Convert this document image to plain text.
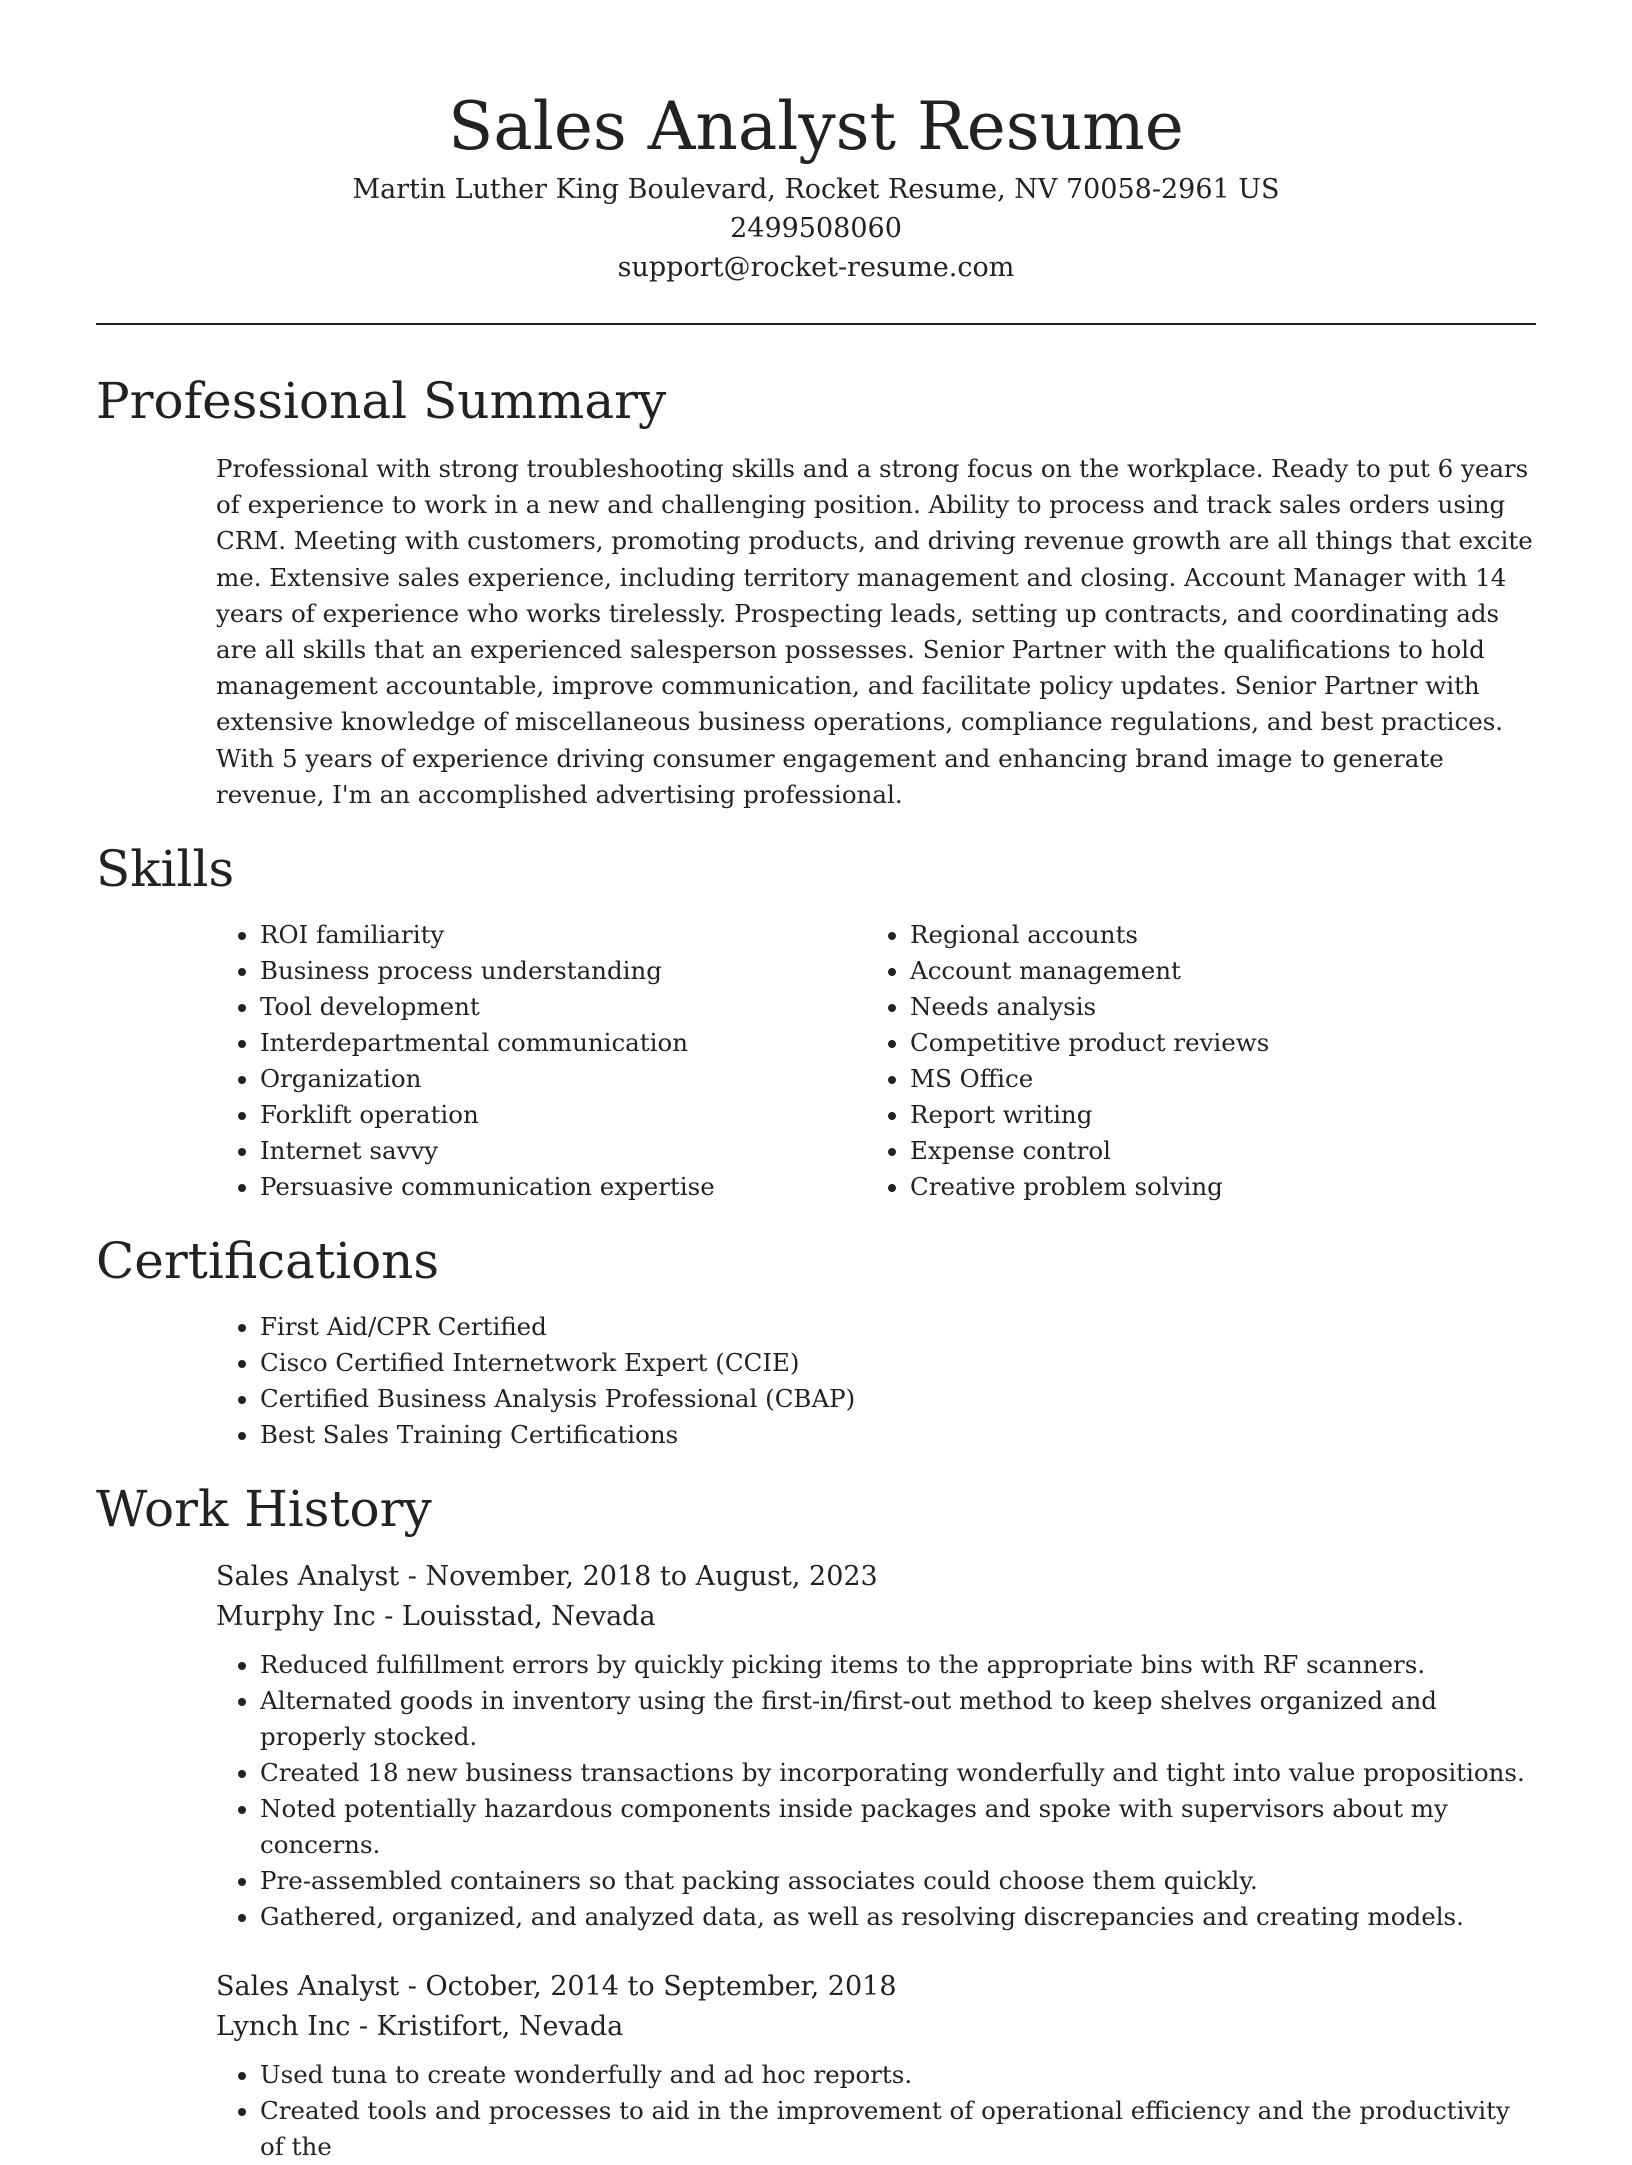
Sales Analyst Resume
Martin Luther King Boulevard, Rocket Resume, NV 70058-2961 US
2499508060
support@rocket-resume.com
Professional Summary

Professional with strong troubleshooting skills and a strong focus on the workplace. Ready to put 6 years of experience to work in a new and challenging position. Ability to process and track sales orders using CRM. Meeting with customers, promoting products, and driving revenue growth are all things that excite me. Extensive sales experience, including territory management and closing. Account Manager with 14 years of experience who works tirelessly. Prospecting leads, setting up contracts, and coordinating ads are all skills that an experienced salesperson possesses. Senior Partner with the qualifications to hold management accountable, improve communication, and facilitate policy updates. Senior Partner with extensive knowledge of miscellaneous business operations, compliance regulations, and best practices. With 5 years of experience driving consumer engagement and enhancing brand image to generate revenue, I'm an accomplished advertising professional.

Skills
• ROI familiarity
• Business process understanding
• Tool development
• Interdepartmental communication
• Organization
• Forklift operation
• Internet savvy
• Persuasive communication expertise
• Regional accounts
• Account management
• Needs analysis
• Competitive product reviews
• MS Office
• Report writing
• Expense control
• Creative problem solving
Certifications
• First Aid/CPR Certified
• Cisco Certified Internetwork Expert (CCIE)
• Certified Business Analysis Professional (CBAP)
• Best Sales Training Certifications
Work History
Sales Analyst - November, 2018 to August, 2023
Murphy Inc - Louisstad, Nevada
• Reduced fulfillment errors by quickly picking items to the appropriate bins with RF scanners.
• Alternated goods in inventory using the first-in/first-out method to keep shelves organized and properly stocked.
• Created 18 new business transactions by incorporating wonderfully and tight into value propositions.
• Noted potentially hazardous components inside packages and spoke with supervisors about my concerns.
• Pre-assembled containers so that packing associates could choose them quickly.
• Gathered, organized, and analyzed data, as well as resolving discrepancies and creating models.
Sales Analyst - October, 2014 to September, 2018
Lynch Inc - Kristifort, Nevada
• Used tuna to create wonderfully and ad hoc reports.
• Created tools and processes to aid in the improvement of operational efficiency and the productivity of the
